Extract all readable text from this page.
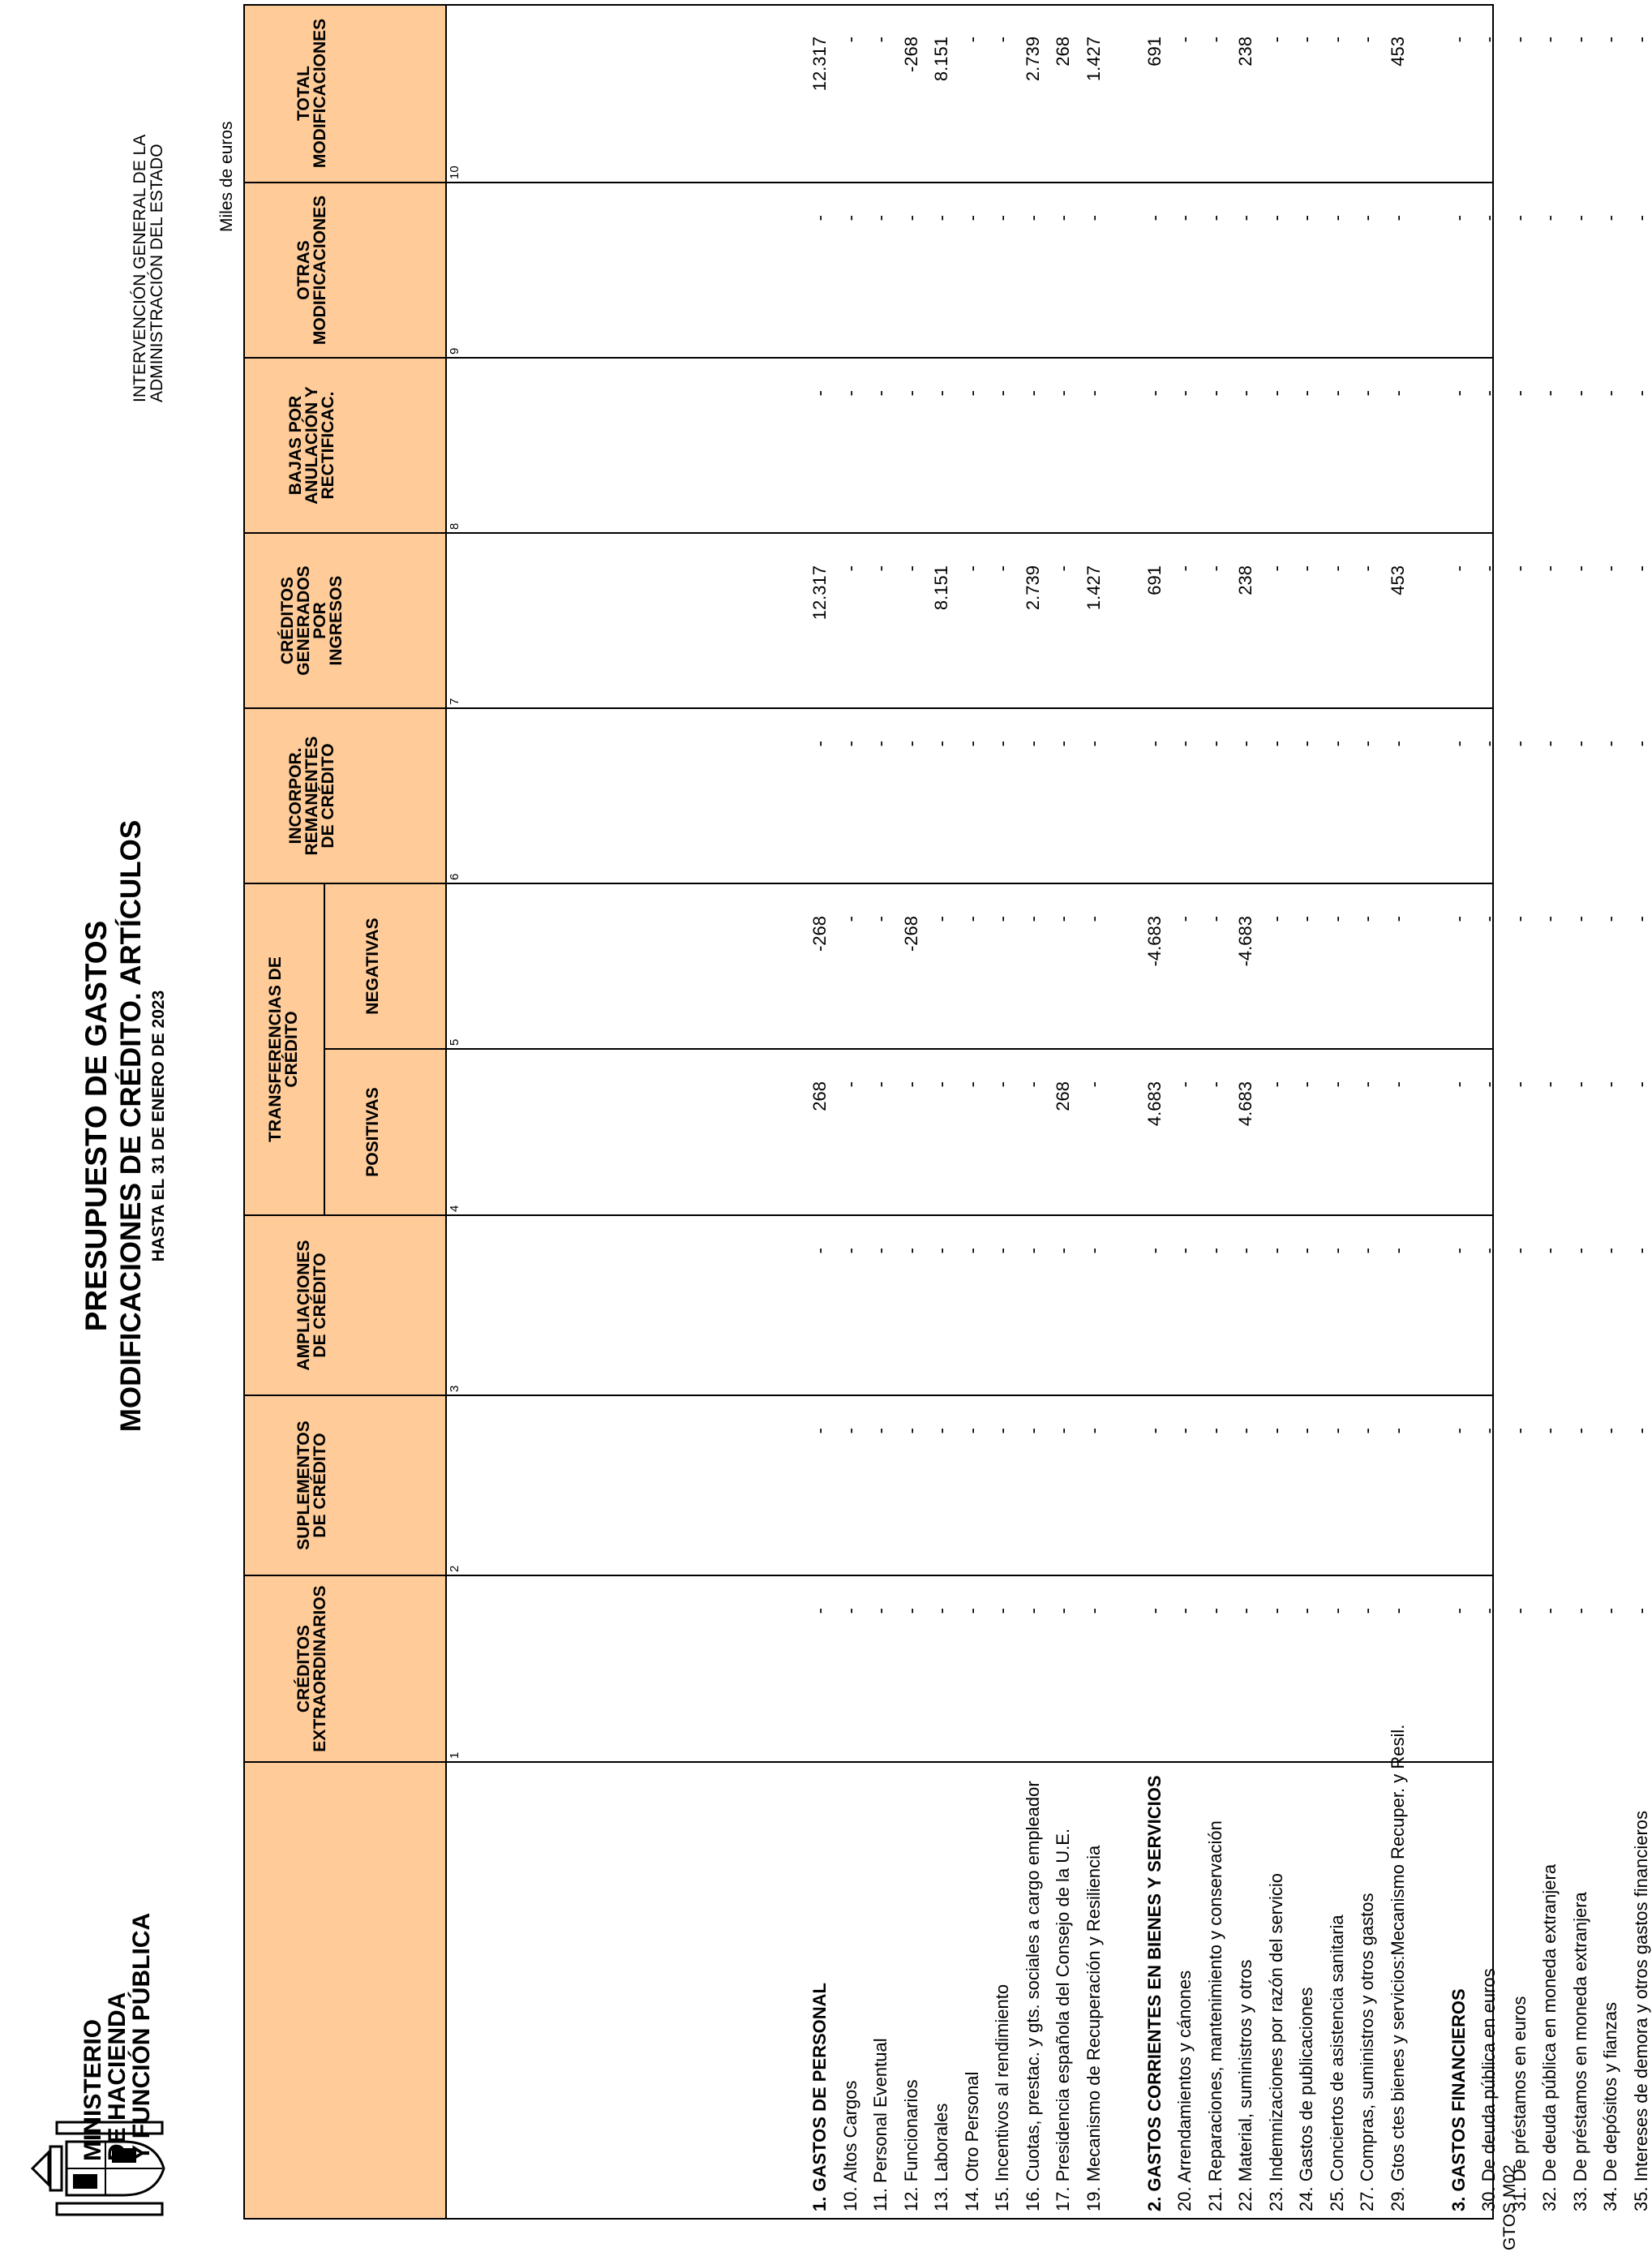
MINISTERIO
DE HACIENDA
Y FUNCIÓN PÚBLICA
PRESUPUESTO DE GASTOS MODIFICACIONES DE CRÉDITO. ARTÍCULOS HASTA EL 31 DE ENERO DE 2023
INTERVENCIÓN GENERAL DE LA
ADMINISTRACIÓN DEL ESTADO	Miles de euros
CRÉDITOS
EXTRAORDINARIOS
1
SUPLEMENTOS
DE CRÉDITO
2
AMPLIACIONES
DE CRÉDITO
3
POSITIVAS
4
NEGATIVAS
5
INCORPOR.
REMANENTES
DE CRÉDITO
6
CRÉDITOS
GENERADOS
POR
INGRESOS
7
BAJAS POR
ANULACIÓN Y
RECTIFICAC.
8
OTRAS
MODIFICACIONES
9
TOTAL
MODIFICACIONES
10
TRANSFERENCIAS DE
CRÉDITO
1. GASTOS DE PERSONAL
-
-
-
268
-268
-
12.317
-
-
12.317
10. Altos Cargos
-
-
-
-
-
-
-
-
-
-
11. Personal Eventual
-
-
-
-
-
-
-
-
-
-
12. Funcionarios
-
-
-
-
-268
-
-
-
-
-268
13. Laborales
-
-
-
-
-
-
8.151
-
-
8.151
14. Otro Personal
-
-
-
-
-
-
-
-
-
-
15. Incentivos al rendimiento
-
-
-
-
-
-
-
-
-
-
16. Cuotas, prestac. y gts. sociales a cargo empleador
-
-
-
-
-
-
2.739
-
-
2.739
17. Presidencia española del Consejo de la U.E.
-
-
-
268
-
-
-
-
-
268
19. Mecanismo de Recuperación y Resiliencia
-
-
-
-
-
-
1.427
-
-
1.427
2. GASTOS CORRIENTES EN BIENES Y SERVICIOS
-
-
-
4.683
-4.683
-
691
-
-
691
20. Arrendamientos y cánones
-
-
-
-
-
-
-
-
-
-
21. Reparaciones, mantenimiento y conservación
-
-
-
-
-
-
-
-
-
-
22. Material, suministros y otros
-
-
-
4.683
-4.683
-
238
-
-
238
23. Indemnizaciones por razón del servicio
-
-
-
-
-
-
-
-
-
-
24. Gastos de publicaciones
-
-
-
-
-
-
-
-
-
-
25. Conciertos de asistencia sanitaria
-
-
-
-
-
-
-
-
-
-
27. Compras, suministros y otros gastos
-
-
-
-
-
-
-
-
-
-
29. Gtos ctes bienes y servicios:Mecanismo Recuper. y Resil.
-
-
-
-
-
-
453
-
-
453
3. GASTOS FINANCIEROS
-
-
-
-
-
-
-
-
-
-
30. De deuda pública en euros
-
-
-
-
-
-
-
-
-
-
31. De préstamos en euros
-
-
-
-
-
-
-
-
-
-
32. De deuda pública en moneda extranjera
-
-
-
-
-
-
-
-
-
-
33. De préstamos en moneda extranjera
-
-
-
-
-
-
-
-
-
-
34. De depósitos y fianzas
-
-
-
-
-
-
-
-
-
-
35. Intereses de demora y otros gastos financieros
-
-
-
-
-
-
-
-
-
-
GTOS M02
